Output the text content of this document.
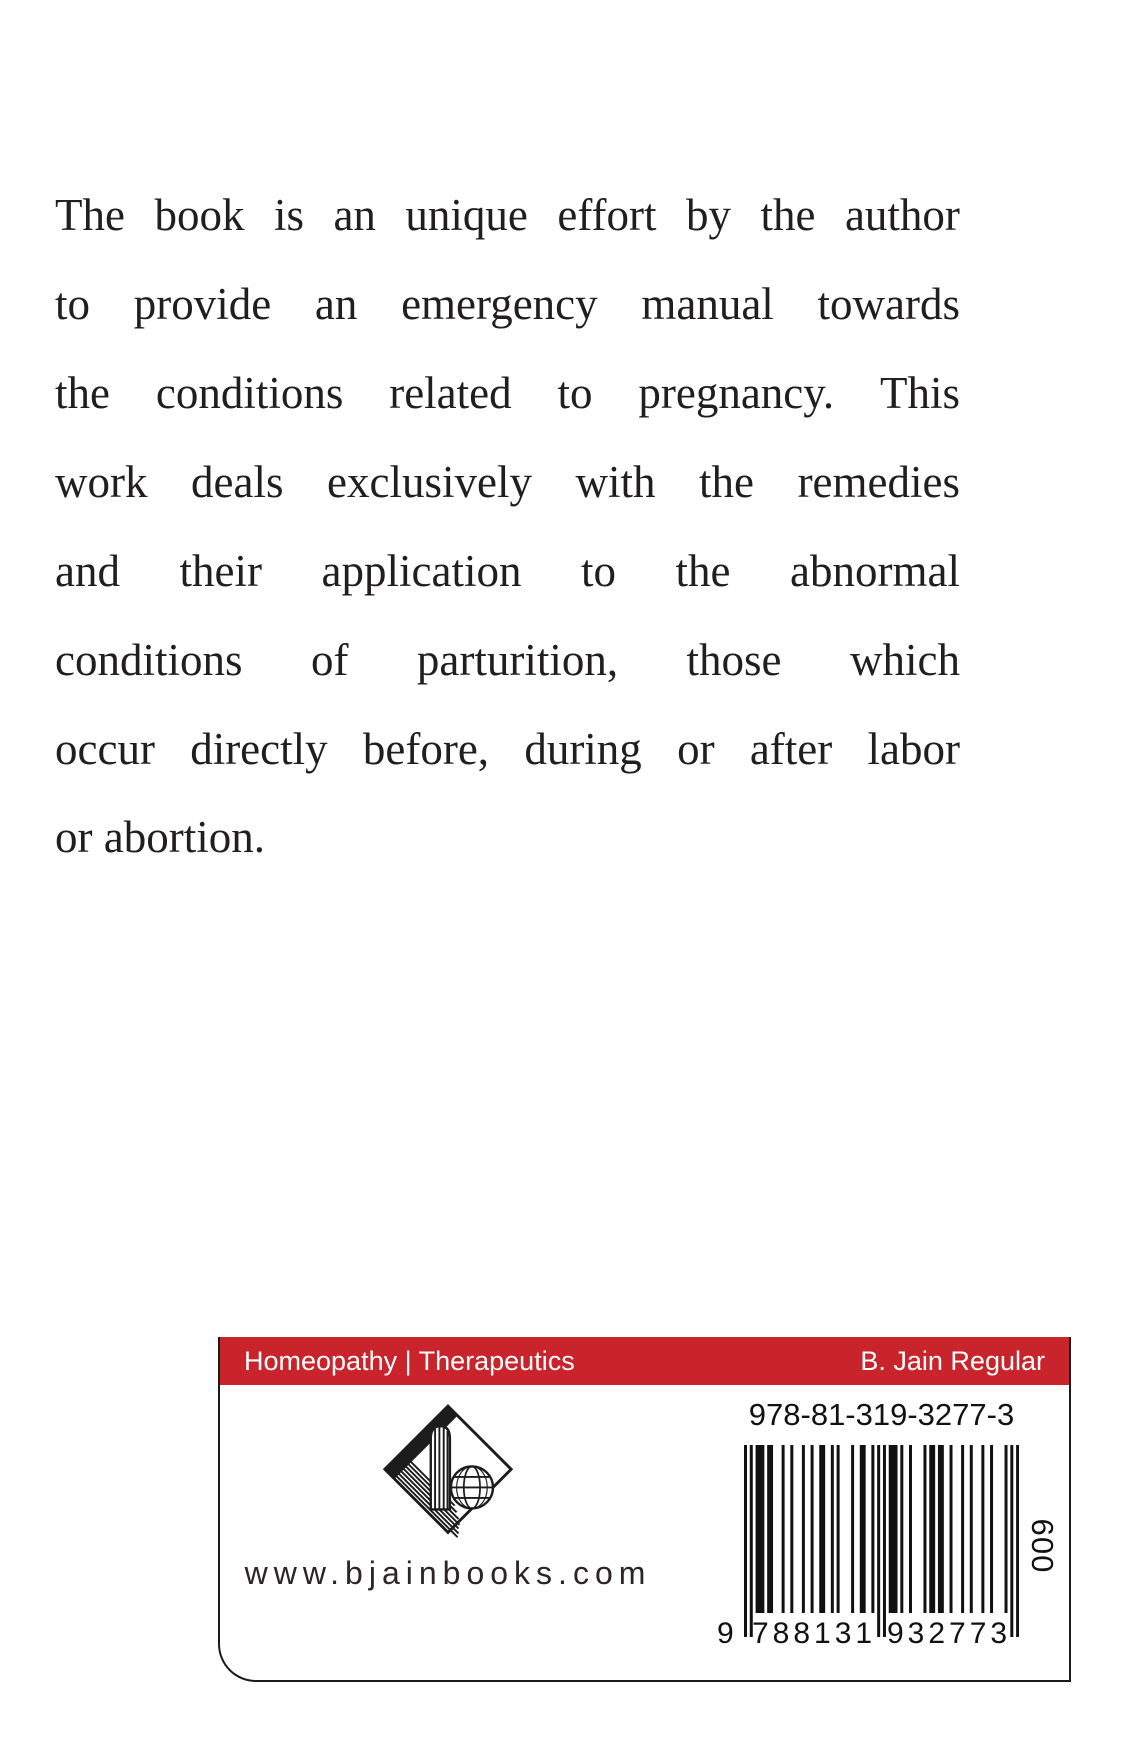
The book is an unique effort by the author
to provide an emergency manual towards
the conditions related to pregnancy. This
work deals exclusively with the remedies
and their application to the abnormal
conditions of parturition, those which
occur directly before, during or after labor
or abortion.
Homeopathy | Therapeutics	B. Jain Regular
www.bjainbooks.com
978-81-319-3277-3
9 788131 932773
009
